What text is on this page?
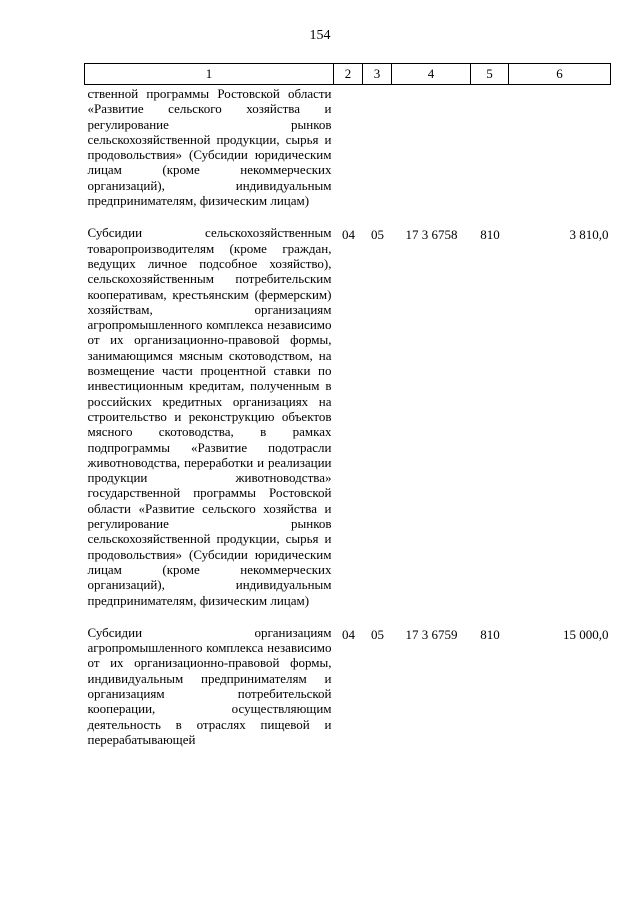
154
1	2	3	4	5	6
ственной программы Ростовской области «Развитие сельского хозяйства и регулирование рынков сельскохозяйственной продукции, сырья и продовольствия» (Субсидии юридическим лицам (кроме некоммерческих организаций), индивидуальным предпринимателям, физическим лицам)					
Субсидии сельскохозяйственным товаропроизводителям (кроме граждан, ведущих личное подсобное хозяйство), сельскохозяйственным потребительским кооперативам, крестьянским (фермерским) хозяйствам, организациям агропромышленного комплекса независимо от их организационно-правовой формы, занимающимся мясным скотоводством, на возмещение части процентной ставки по инвестиционным кредитам, полученным в российских кредитных организациях на строительство и реконструкцию объектов мясного скотоводства, в рамках подпрограммы «Развитие подотрасли животноводства, переработки и реализации продукции животноводства» государственной программы Ростовской области «Развитие сельского хозяйства и регулирование рынков сельскохозяйственной продукции, сырья и продовольствия» (Субсидии юридическим лицам (кроме некоммерческих организаций), индивидуальным предпринимателям, физическим лицам)	04	05	17 3 6758	810	3 810,0
Субсидии организациям агропромышленного комплекса независимо от их организационно-правовой формы, индивидуальным предпринимателям и организациям потребительской кооперации, осуществляющим деятельность в отраслях пищевой и перерабатывающей	04	05	17 3 6759	810	15 000,0
